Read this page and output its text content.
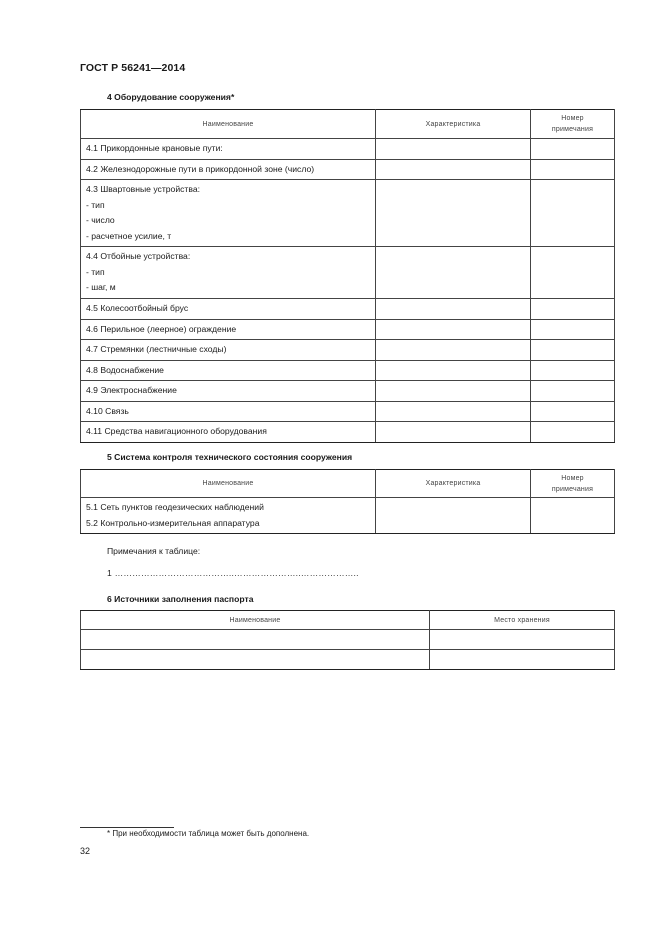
ГОСТ Р 56241—2014
4 Оборудование сооружения*
Наименование	Характеристика	Номер примечания
4.1 Прикордонные крановые пути:		
4.2 Железнодорожные пути в прикордонной зоне (число)		

4.3 Швартовные устройства:
- тип
- число
- расчетное усилие, т		

4.4 Отбойные устройства:
- тип
- шаг, м		

4.5 Колесоотбойный брус		
4.6 Перильное (леерное) ограждение		
4.7 Стремянки (лестничные сходы)		
4.8 Водоснабжение		
4.9 Электроснабжение		
4.10 Связь		
4.11 Средства навигационного оборудования		
5 Система контроля технического состояния сооружения
Наименование	Характеристика	Номер примечания

5.1 Сеть пунктов геодезических наблюдений
5.2 Контрольно-измерительная аппаратура		

Примечания к таблице:
1 …………………………………..…………………..………………..
6 Источники заполнения паспорта
Наименование	Место хранения

* При необходимости таблица может быть дополнена.
32
